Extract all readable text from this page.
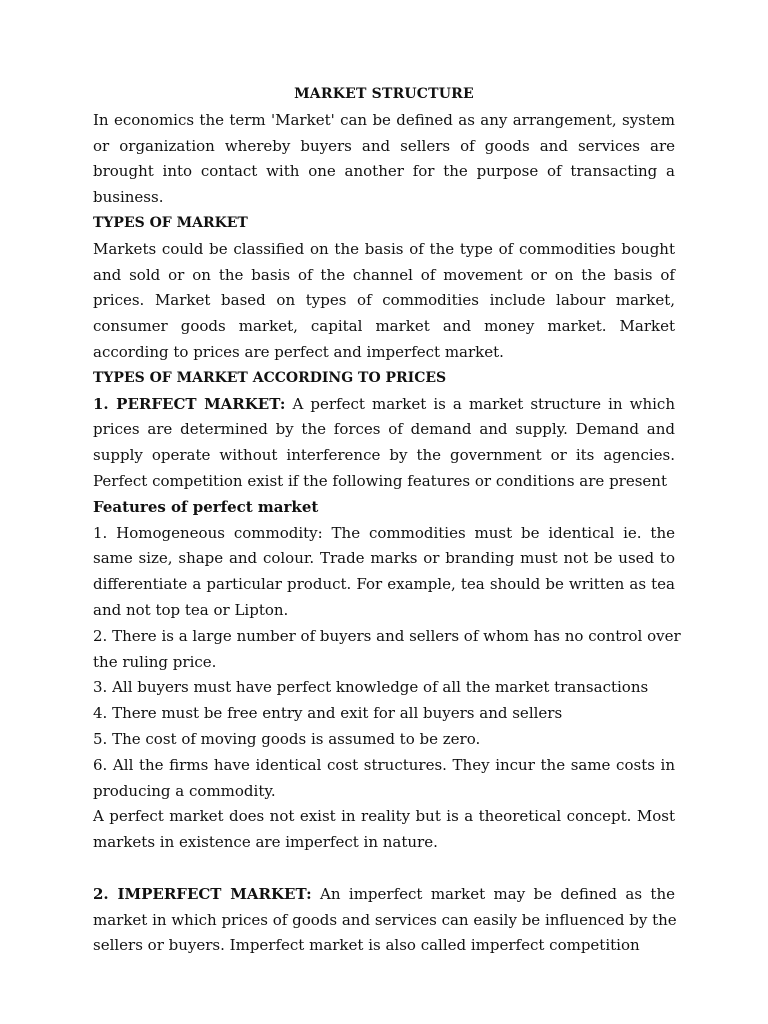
MARKET STRUCTURE
In economics the term 'Market' can be defined as any arrangement, system
or organization whereby buyers and sellers of goods and services are
brought into contact with one another for the purpose of transacting a
business.
TYPES OF MARKET
Markets could be classified on the basis of the type of commodities bought
and sold or on the basis of the channel of movement or on the basis of
prices. Market based on types of commodities include labour market,
consumer goods market, capital market and money market. Market
according to prices are perfect and imperfect market.
TYPES OF MARKET ACCORDING TO PRICES
1. PERFECT MARKET: A perfect market is a market structure in which
prices are determined by the forces of demand and supply. Demand and
supply operate without interference by the government or its agencies.
Perfect competition exist if the following features or conditions are present
Features of perfect market
1. Homogeneous commodity: The commodities must be identical ie. the
same size, shape and colour. Trade marks or branding must not be used to
differentiate a particular product. For example, tea should be written as tea
and not top tea or Lipton.
2. There is a large number of buyers and sellers of whom has no control over
the ruling price.
3. All buyers must have perfect knowledge of all the market transactions
4. There must be free entry and exit for all buyers and sellers
5. The cost of moving goods is assumed to be zero.
6. All the firms have identical cost structures. They incur the same costs in
producing a commodity.
A perfect market does not exist in reality but is a theoretical concept. Most
markets in existence are imperfect in nature.
2. IMPERFECT MARKET: An imperfect market may be defined as the
market in which prices of goods and services can easily be influenced by the
sellers or buyers. Imperfect market is also called imperfect competition
